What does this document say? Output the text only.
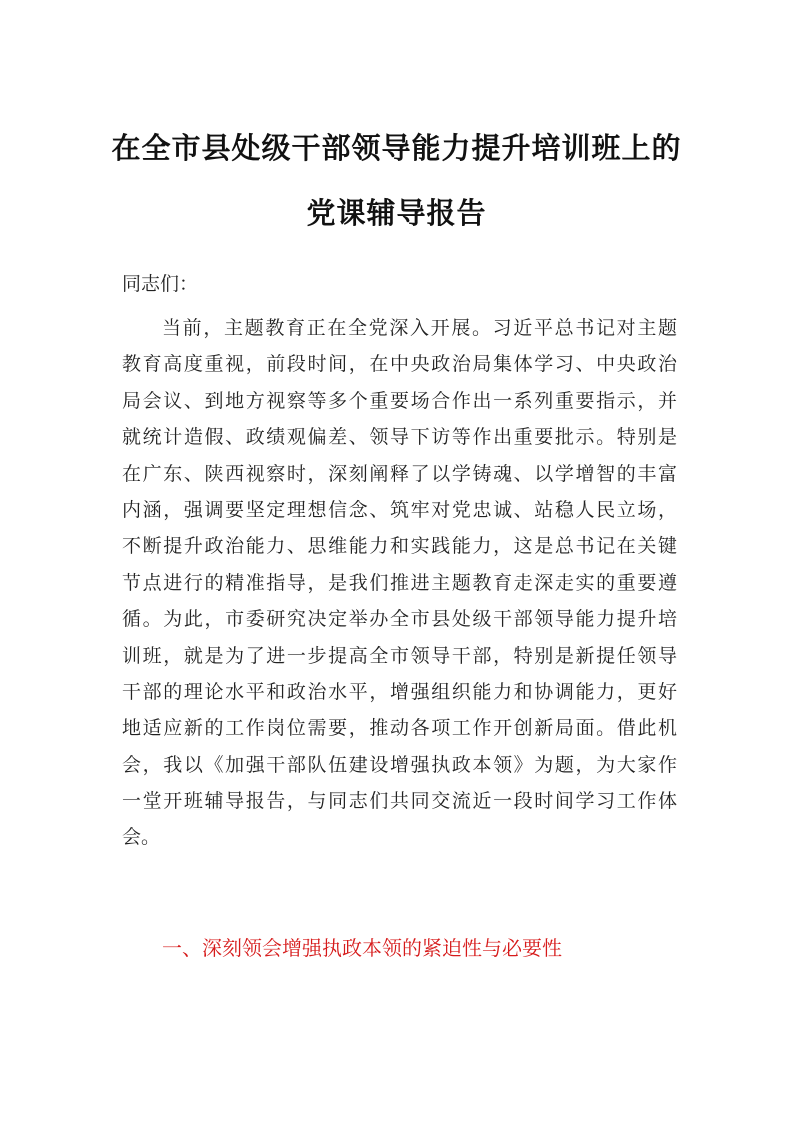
在全市县处级干部领导能力提升培训班上的
党课辅导报告
同志们：
当前，主题教育正在全党深入开展。习近平总书记对主题
教育高度重视，前段时间，在中央政治局集体学习、中央政治
局会议、到地方视察等多个重要场合作出一系列重要指示，并
就统计造假、政绩观偏差、领导下访等作出重要批示。特别是
在广东、陕西视察时，深刻阐释了以学铸魂、以学增智的丰富
内涵，强调要坚定理想信念、筑牢对党忠诚、站稳人民立场，
不断提升政治能力、思维能力和实践能力，这是总书记在关键
节点进行的精准指导，是我们推进主题教育走深走实的重要遵
循。为此，市委研究决定举办全市县处级干部领导能力提升培
训班，就是为了进一步提高全市领导干部，特别是新提任领导
干部的理论水平和政治水平，增强组织能力和协调能力，更好
地适应新的工作岗位需要，推动各项工作开创新局面。借此机
会，我以《加强干部队伍建设增强执政本领》为题，为大家作
一堂开班辅导报告，与同志们共同交流近一段时间学习工作体
会。
一、深刻领会增强执政本领的紧迫性与必要性
